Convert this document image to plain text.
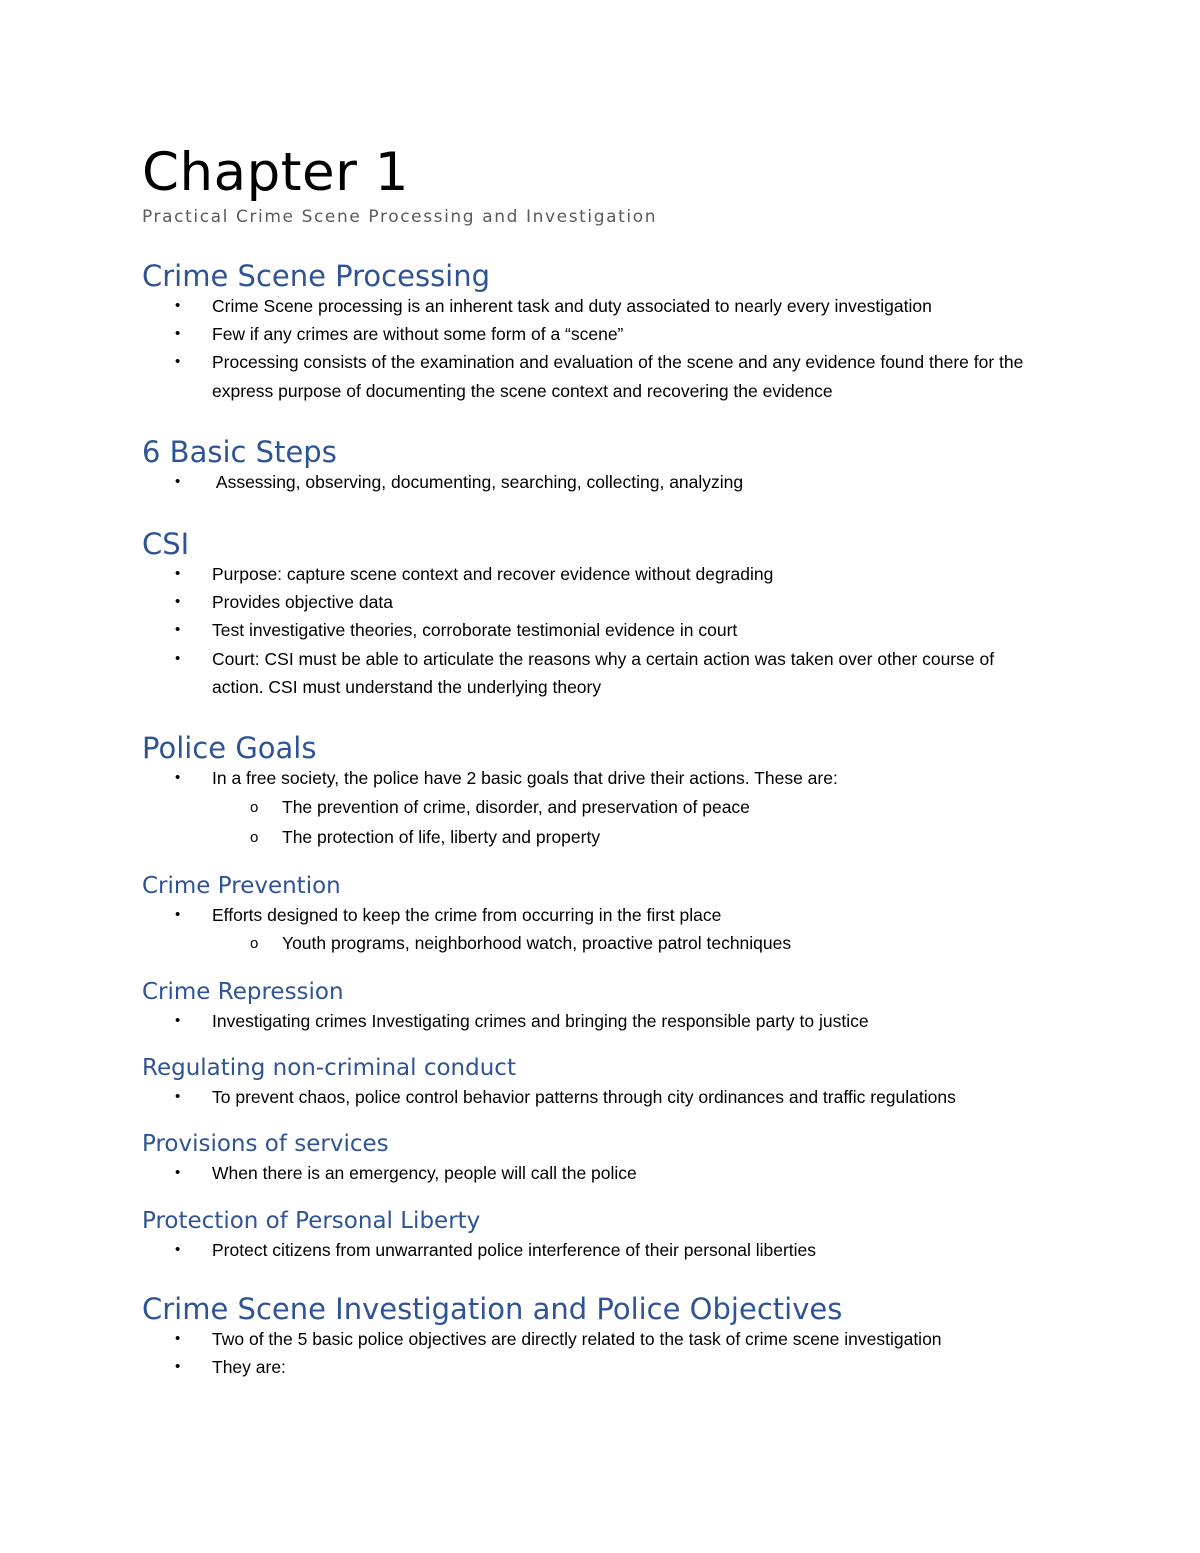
Chapter 1

Practical Crime Scene Processing and Investigation

Crime Scene Processing
•	Crime Scene processing is an inherent task and duty associated to nearly every investigation
•	Few if any crimes are without some form of a “scene”
•	Processing consists of the examination and evaluation of the scene and any evidence found there for the express purpose of documenting the scene context and recovering the evidence
6 Basic Steps
•	Assessing, observing, documenting, searching, collecting, analyzing
CSI
•	Purpose: capture scene context and recover evidence without degrading
•	Provides objective data
•	Test investigative theories, corroborate testimonial evidence in court
•	Court: CSI must be able to articulate the reasons why a certain action was taken over other course of action. CSI must understand the underlying theory
Police Goals
•	In a free society, the police have 2 basic goals that drive their actions. These are:
o The prevention of crime, disorder, and preservation of peace
o The protection of life, liberty and property
Crime Prevention
•	Efforts designed to keep the crime from occurring in the first place
o Youth programs, neighborhood watch, proactive patrol techniques
Crime Repression
•	Investigating crimes Investigating crimes and bringing the responsible party to justice
Regulating non-criminal conduct
•	To prevent chaos, police control behavior patterns through city ordinances and traffic regulations
Provisions of services
•	When there is an emergency, people will call the police
Protection of Personal Liberty
•	Protect citizens from unwarranted police interference of their personal liberties
Crime Scene Investigation and Police Objectives
•	Two of the 5 basic police objectives are directly related to the task of crime scene investigation
•	They are:
